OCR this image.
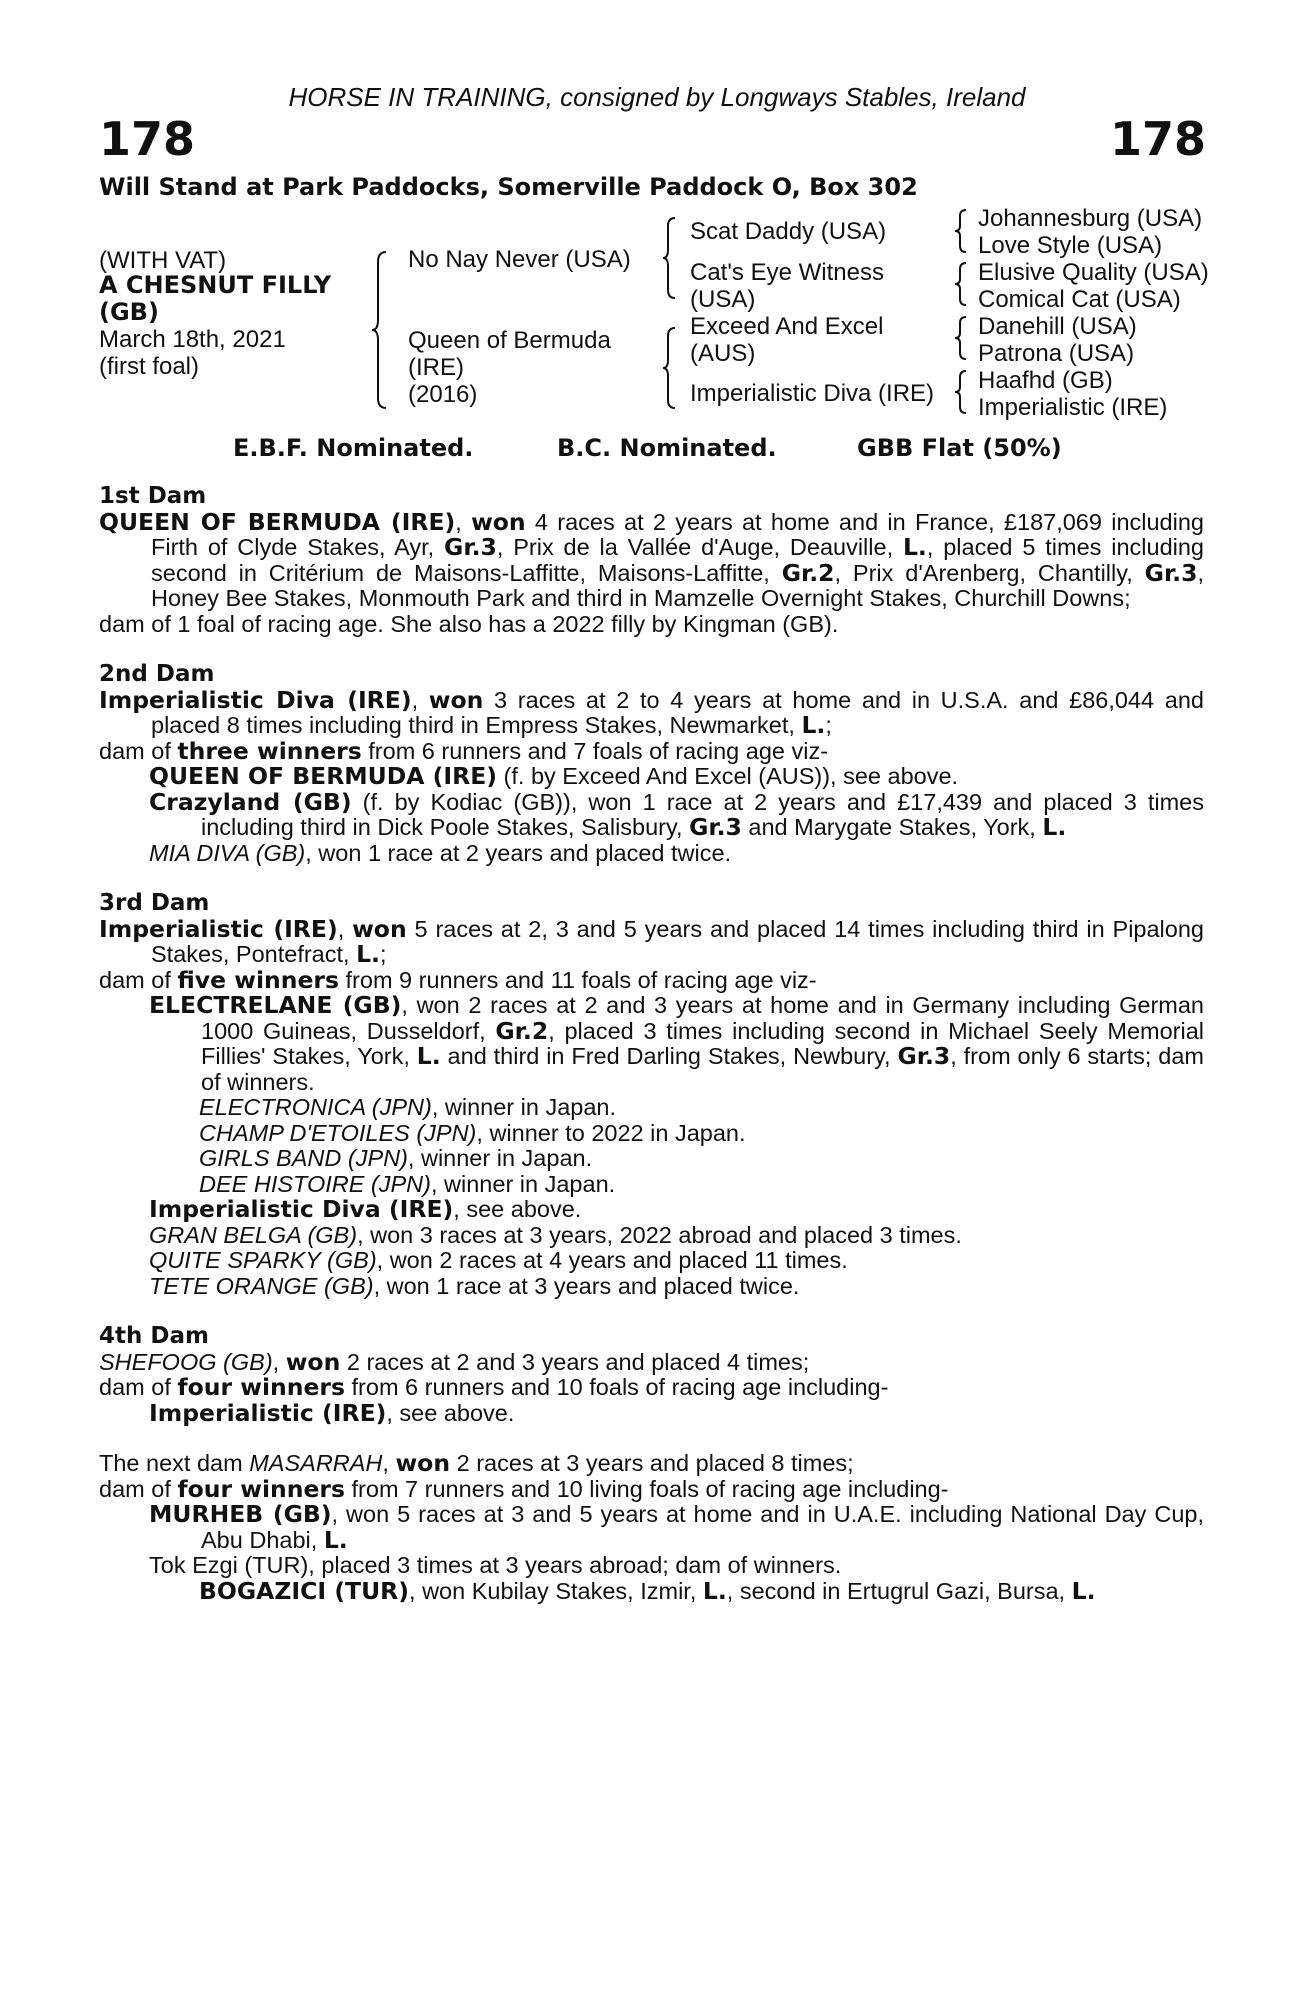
HORSE IN TRAINING, consigned by Longways Stables, Ireland
178	178
Will Stand at Park Paddocks, Somerville Paddock O, Box 302
(WITH VAT)
A CHESNUT FILLY
(GB)
March 18th, 2021
(first foal)
No Nay Never (USA)
Queen of Bermuda
(IRE)
(2016)
Scat Daddy (USA)
Cat's Eye Witness
(USA)
Exceed And Excel
(AUS)
Imperialistic Diva (IRE)
Johannesburg (USA)
Love Style (USA)
Elusive Quality (USA)
Comical Cat (USA)
Danehill (USA)
Patrona (USA)
Haafhd (GB)
Imperialistic (IRE)
E.B.F. Nominated.	B.C. Nominated.	GBB Flat (50%)
1st Dam

QUEEN OF BERMUDA (IRE), won 4 races at 2 years at home and in France, £187,069 including Firth of Clyde Stakes, Ayr, Gr.3, Prix de la Vallée d'Auge, Deauville, L., placed 5 times including second in Critérium de Maisons-Laffitte, Maisons-Laffitte, Gr.2, Prix d'Arenberg, Chantilly, Gr.3, Honey Bee Stakes, Monmouth Park and third in Mamzelle Overnight Stakes, Churchill Downs;

dam of 1 foal of racing age. She also has a 2022 filly by Kingman (GB).

2nd Dam

Imperialistic Diva (IRE), won 3 races at 2 to 4 years at home and in U.S.A. and £86,044 and placed 8 times including third in Empress Stakes, Newmarket, L.;

dam of three winners from 6 runners and 7 foals of racing age viz-

QUEEN OF BERMUDA (IRE) (f. by Exceed And Excel (AUS)), see above.

Crazyland (GB) (f. by Kodiac (GB)), won 1 race at 2 years and £17,439 and placed 3 times including third in Dick Poole Stakes, Salisbury, Gr.3 and Marygate Stakes, York, L.

MIA DIVA (GB), won 1 race at 2 years and placed twice.

3rd Dam

Imperialistic (IRE), won 5 races at 2, 3 and 5 years and placed 14 times including third in Pipalong Stakes, Pontefract, L.;

dam of five winners from 9 runners and 11 foals of racing age viz-

ELECTRELANE (GB), won 2 races at 2 and 3 years at home and in Germany including German 1000 Guineas, Dusseldorf, Gr.2, placed 3 times including second in Michael Seely Memorial Fillies' Stakes, York, L. and third in Fred Darling Stakes, Newbury, Gr.3, from only 6 starts; dam of winners.

ELECTRONICA (JPN), winner in Japan.

CHAMP D'ETOILES (JPN), winner to 2022 in Japan.

GIRLS BAND (JPN), winner in Japan.

DEE HISTOIRE (JPN), winner in Japan.

Imperialistic Diva (IRE), see above.

GRAN BELGA (GB), won 3 races at 3 years, 2022 abroad and placed 3 times.

QUITE SPARKY (GB), won 2 races at 4 years and placed 11 times.

TETE ORANGE (GB), won 1 race at 3 years and placed twice.

4th Dam

SHEFOOG (GB), won 2 races at 2 and 3 years and placed 4 times;

dam of four winners from 6 runners and 10 foals of racing age including-

Imperialistic (IRE), see above.

The next dam MASARRAH, won 2 races at 3 years and placed 8 times;

dam of four winners from 7 runners and 10 living foals of racing age including-

MURHEB (GB), won 5 races at 3 and 5 years at home and in U.A.E. including National Day Cup, Abu Dhabi, L.

Tok Ezgi (TUR), placed 3 times at 3 years abroad; dam of winners.

BOGAZICI (TUR), won Kubilay Stakes, Izmir, L., second in Ertugrul Gazi, Bursa, L.
